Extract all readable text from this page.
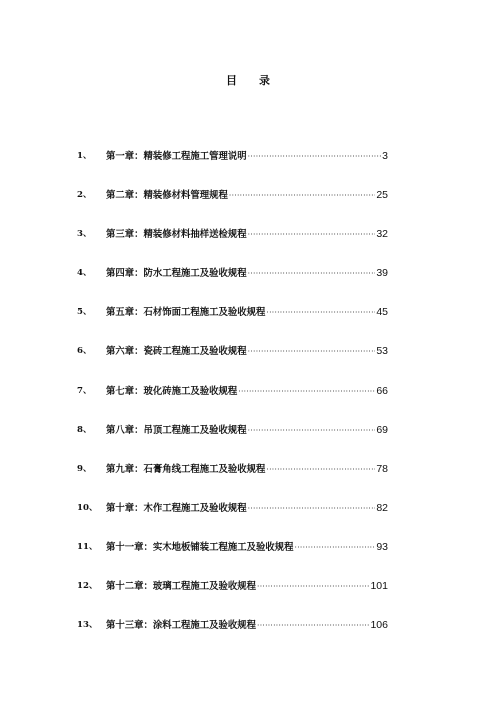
目 录
1、 第一章：精装修工程施工管理说明 ·····	3
2、 第二章：精装修材料管理规程 ·····	25
3、 第三章：精装修材料抽样送检规程 ·····	32
4、 第四章：防水工程施工及验收规程 ·····	39
5、 第五章：石材饰面工程施工及验收规程 ·····	45
6、 第六章：瓷砖工程施工及验收规程 ·····	53
7、 第七章：玻化砖施工及验收规程 ·····	66
8、 第八章：吊顶工程施工及验收规程 ·····	69
9、 第九章：石膏角线工程施工及验收规程 ·····	78
10、 第十章：木作工程施工及验收规程 ·····	82
11、 第十一章：实木地板铺装工程施工及验收规程 ·····	93
12、 第十二章：玻璃工程施工及验收规程 ·····	101
13、 第十三章：涂料工程施工及验收规程 ·····	106
